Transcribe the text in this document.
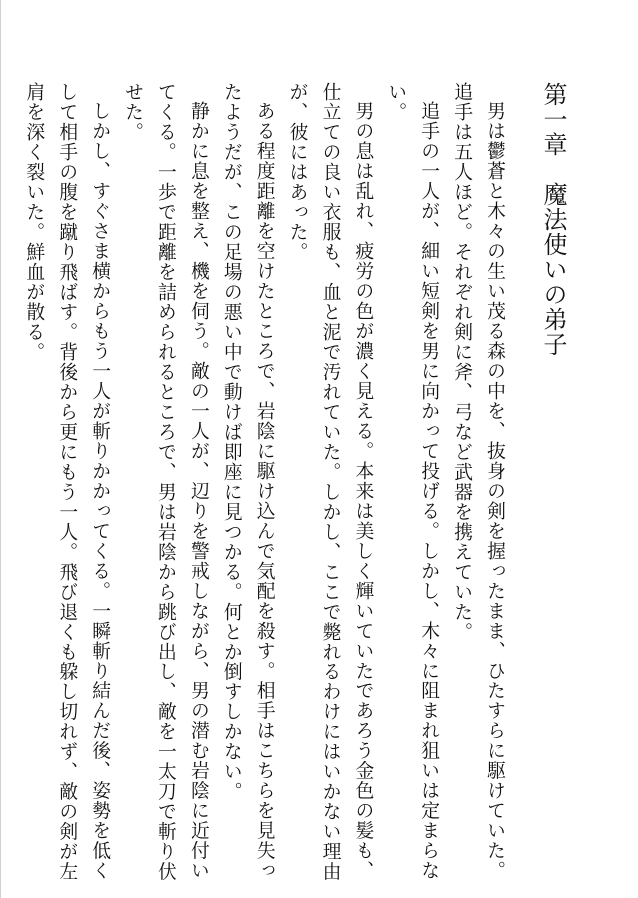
第一章　魔法使いの弟子

男は鬱蒼と木々の生い茂る森の中を、抜身の剣を握ったまま、ひたすらに駆けていた。追手は五人ほど。それぞれ剣に斧、弓など武器を携えていた。

追手の一人が、細い短剣を男に向かって投げる。しかし、木々に阻まれ狙いは定まらない。

男の息は乱れ、疲労の色が濃く見える。本来は美しく輝いていたであろう金色の髪も、仕立ての良い衣服も、血と泥で汚れていた。しかし、ここで斃れるわけにはいかない理由が、彼にはあった。

ある程度距離を空けたところで、岩陰に駆け込んで気配を殺す。相手はこちらを見失ったようだが、この足場の悪い中で動けば即座に見つかる。何とか倒すしかない。

静かに息を整え、機を伺う。敵の一人が、辺りを警戒しながら、男の潜む岩陰に近付いてくる。一歩で距離を詰められるところで、男は岩陰から跳び出し、敵を一太刀で斬り伏せた。

しかし、すぐさま横からもう一人が斬りかかってくる。一瞬斬り結んだ後、姿勢を低くして相手の腹を蹴り飛ばす。背後から更にもう一人。飛び退くも躱し切れず、敵の剣が左肩を深く裂いた。鮮血が散る。
